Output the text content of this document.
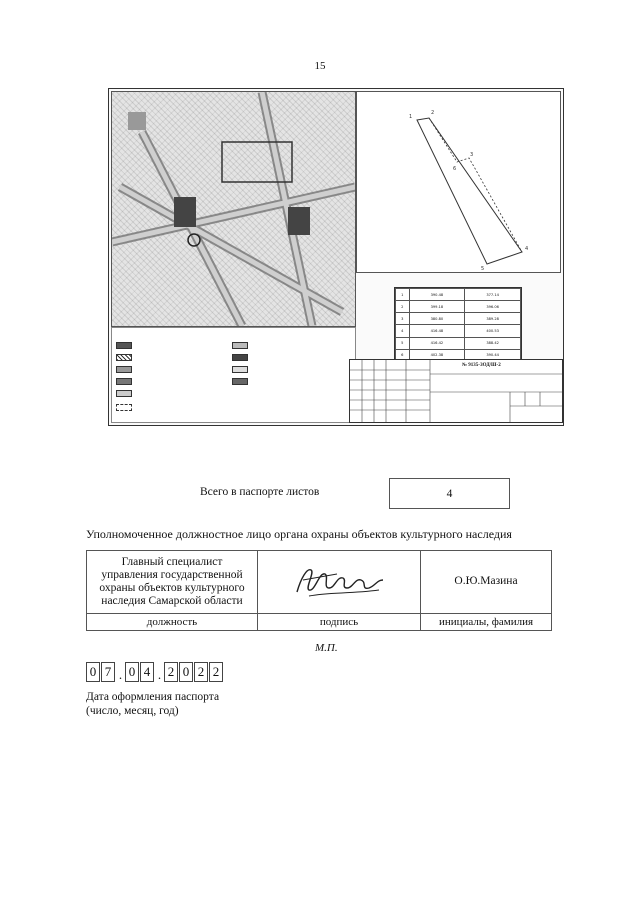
15
1
2
3
4
5
6
1	390.48	377.14
2	399.18	396.06
3	380.80	389.28
4	416.48	400.53
5	416.42	388.42
6	402.38	390.44
№ 9135-ЗОД/Ш-2
Всего в паспорте листов	4
Уполномоченное должностное лицо органа охраны объектов культурного наследия
Главный специалист
управления государственной
охраны объектов культурного
наследия Самарской области		О.Ю.Мазина
должность	подпись	инициалы, фамилия
М.П.
0 7 . 0 4 . 2 0 2 2
Дата оформления паспорта
(число, месяц, год)
